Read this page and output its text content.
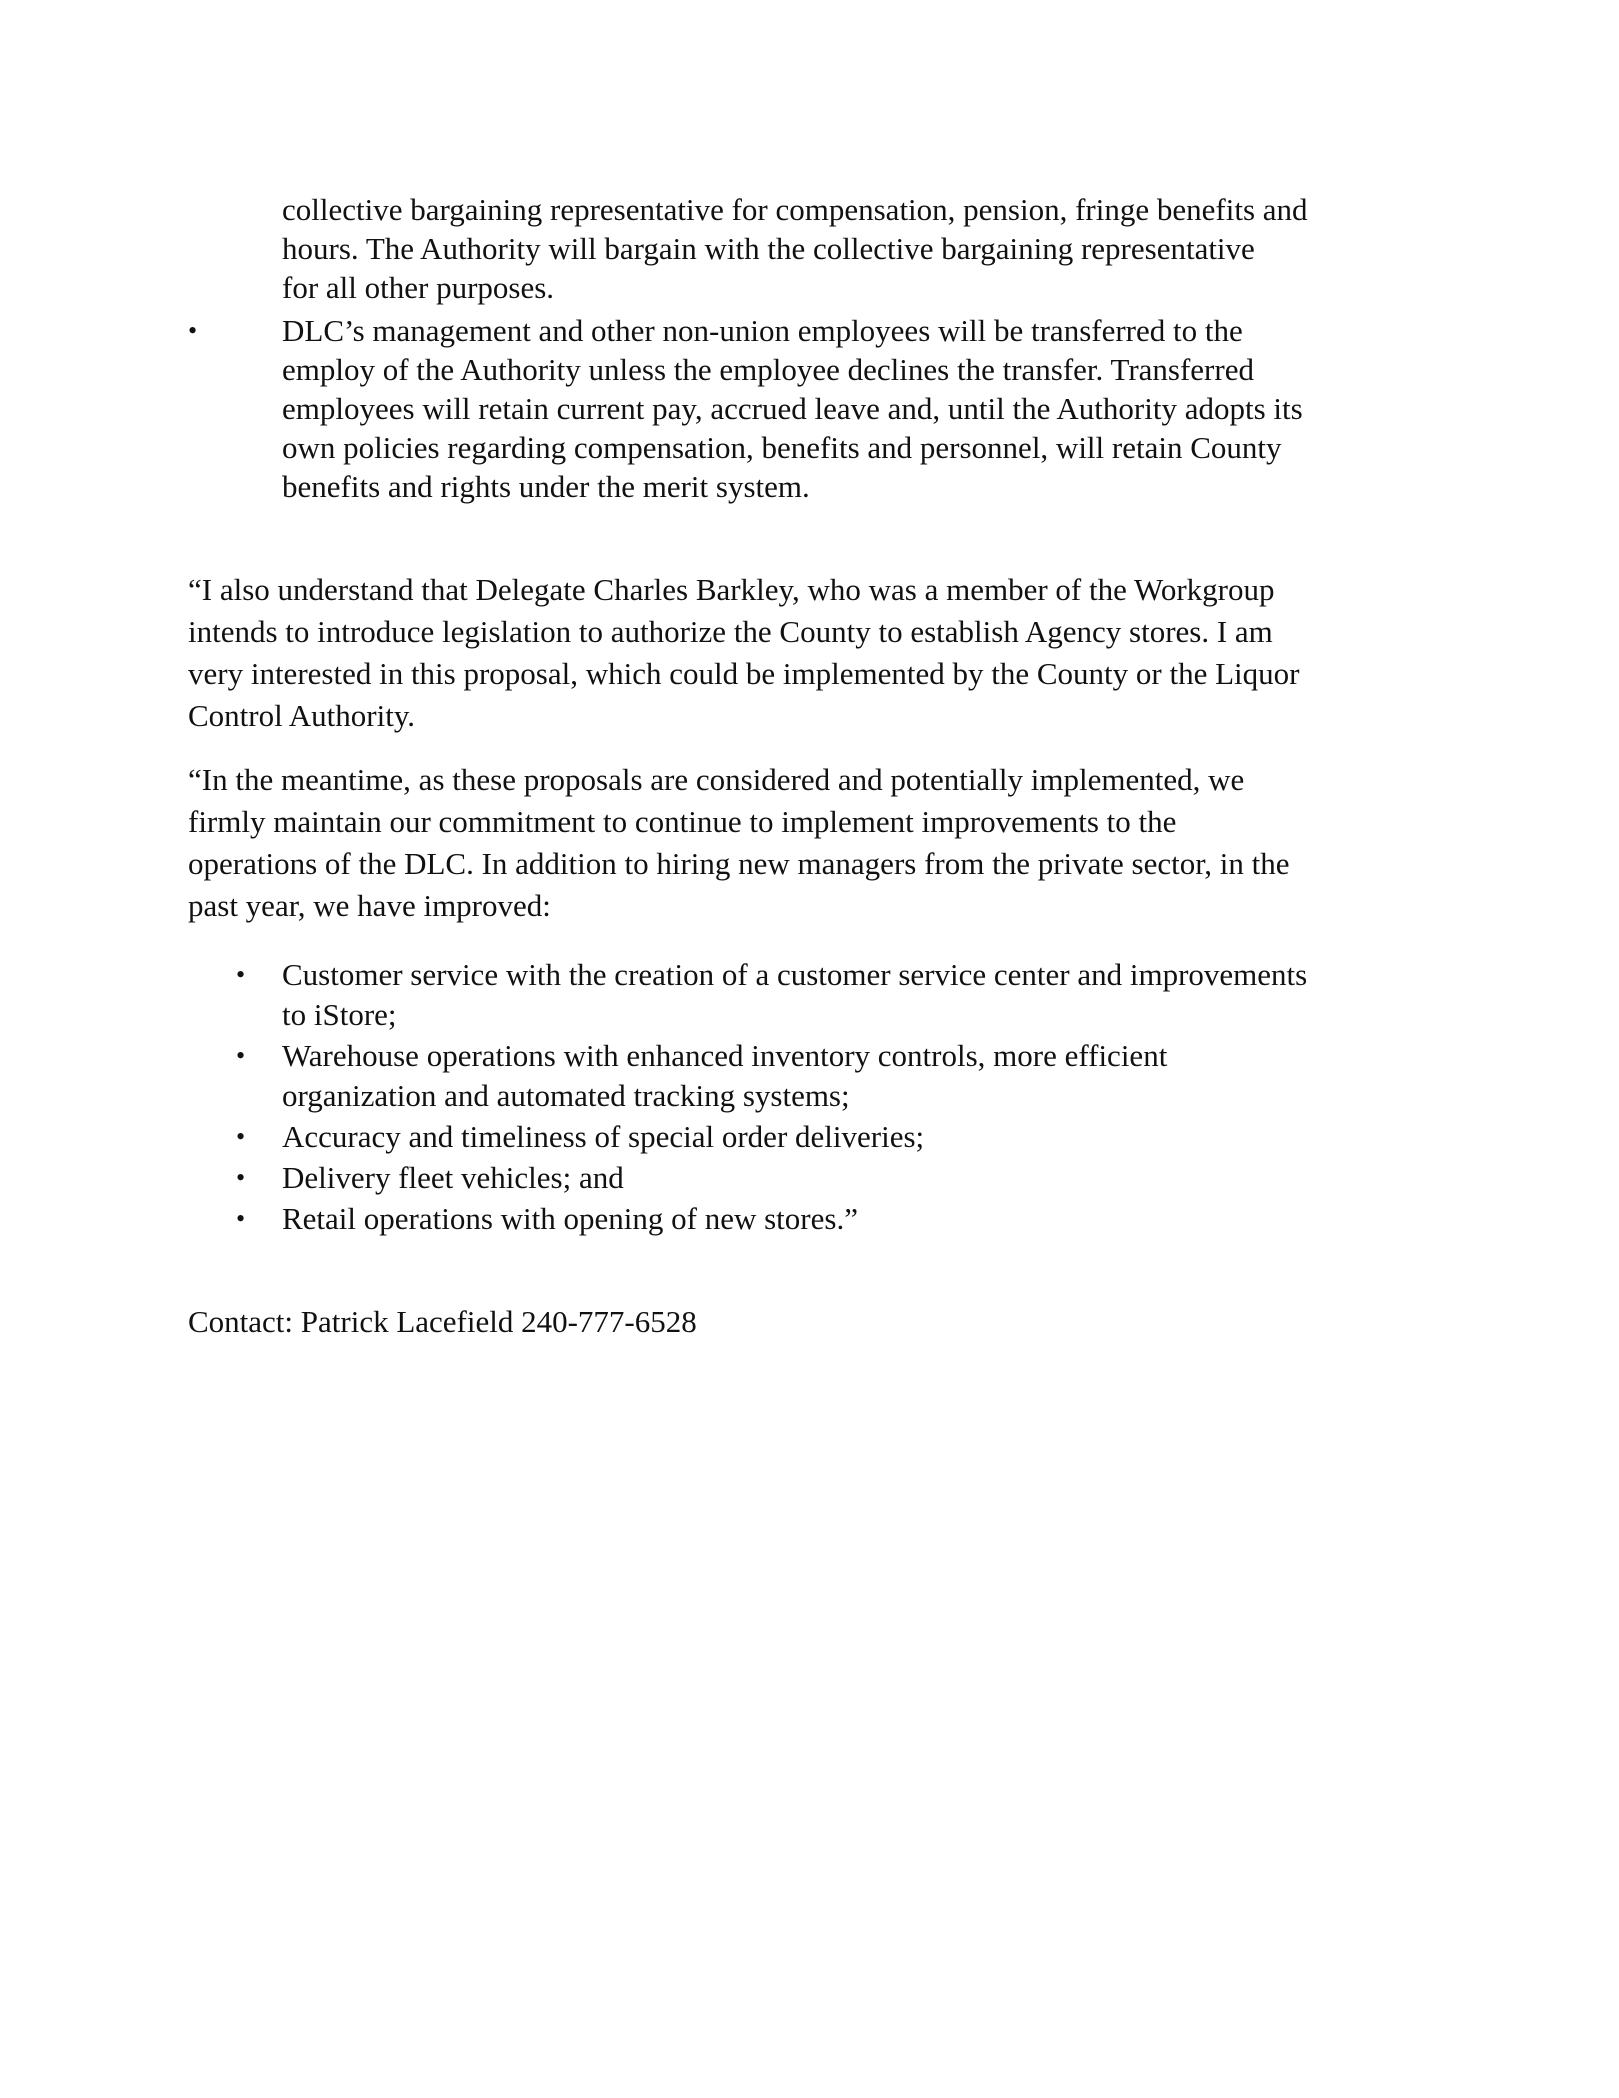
collective bargaining representative for compensation, pension, fringe benefits and

hours. The Authority will bargain with the collective bargaining representative

for all other purposes.

•	DLC’s management and other non-union employees will be transferred to the

employ of the Authority unless the employee declines the transfer. Transferred

employees will retain current pay, accrued leave and, until the Authority adopts its

own policies regarding compensation, benefits and personnel, will retain County

benefits and rights under the merit system.

“I also understand that Delegate Charles Barkley, who was a member of the Workgroup

intends to introduce legislation to authorize the County to establish Agency stores. I am

very interested in this proposal, which could be implemented by the County or the Liquor

Control Authority.

“In the meantime, as these proposals are considered and potentially implemented, we

firmly maintain our commitment to continue to implement improvements to the

operations of the DLC. In addition to hiring new managers from the private sector, in the

past year, we have improved:

• Customer service with the creation of a customer service center and improvements

to iStore;

• Warehouse operations with enhanced inventory controls, more efficient

organization and automated tracking systems;

• Accuracy and timeliness of special order deliveries;

• Delivery fleet vehicles; and

• Retail operations with opening of new stores.”

Contact: Patrick Lacefield 240-777-6528
